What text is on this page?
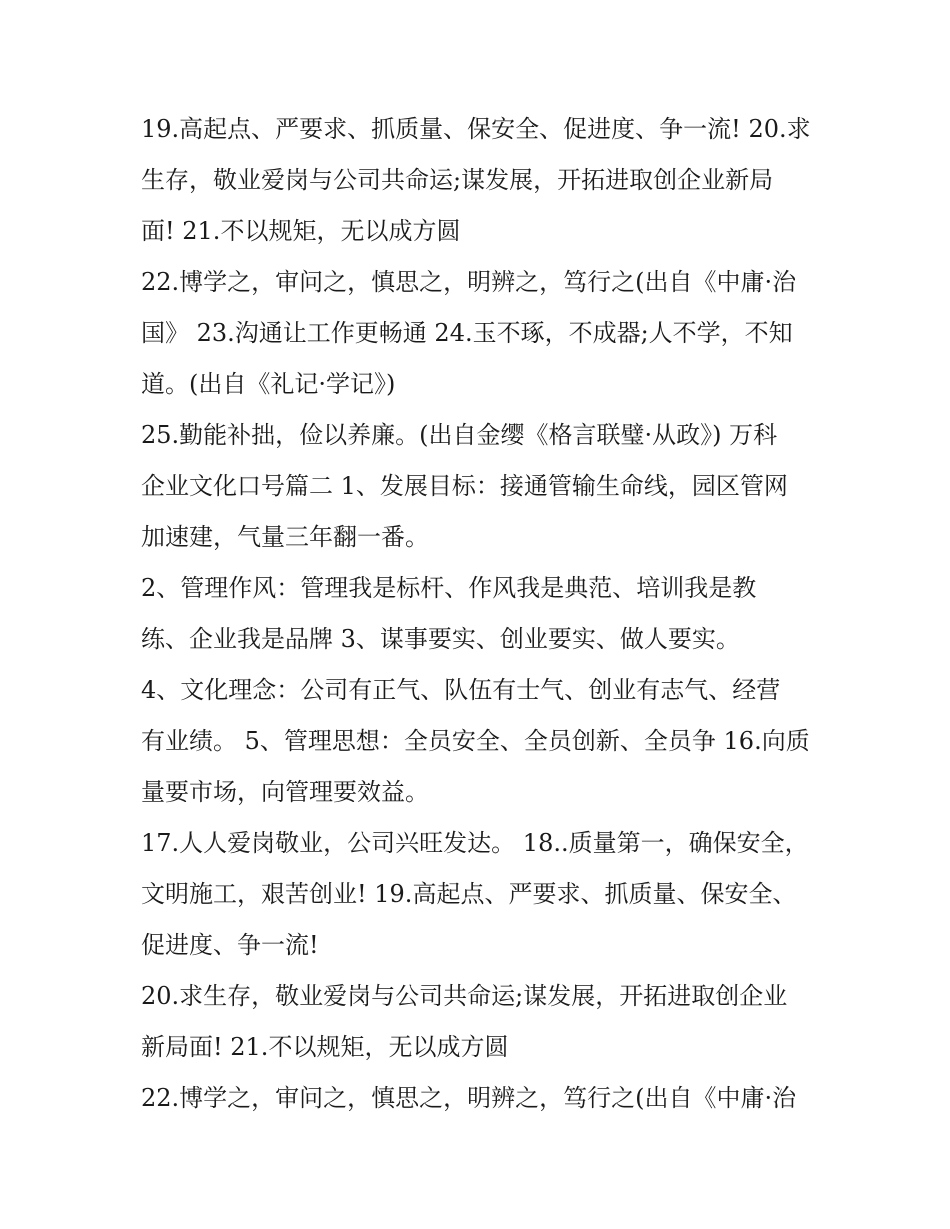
19.高起点、严要求、抓质量、保安全、促进度、争一流! 20.求
生存，敬业爱岗与公司共命运;谋发展，开拓进取创企业新局
面! 21.不以规矩，无以成方圆
22.博学之，审问之，慎思之，明辨之，笃行之(出自《中庸·治
国》 23.沟通让工作更畅通 24.玉不琢，不成器;人不学，不知
道。(出自《礼记·学记》)
25.勤能补拙，俭以养廉。(出自金缨《格言联璧·从政》) 万科
企业文化口号篇二 1、发展目标：接通管输生命线，园区管网
加速建，气量三年翻一番。
2、管理作风：管理我是标杆、作风我是典范、培训我是教
练、企业我是品牌 3、谋事要实、创业要实、做人要实。
4、文化理念：公司有正气、队伍有士气、创业有志气、经营
有业绩。 5、管理思想：全员安全、全员创新、全员争 16.向质
量要市场，向管理要效益。
17.人人爱岗敬业，公司兴旺发达。 18..质量第一，确保安全，
文明施工，艰苦创业! 19.高起点、严要求、抓质量、保安全、
促进度、争一流!
20.求生存，敬业爱岗与公司共命运;谋发展，开拓进取创企业
新局面! 21.不以规矩，无以成方圆
22.博学之，审问之，慎思之，明辨之，笃行之(出自《中庸·治
